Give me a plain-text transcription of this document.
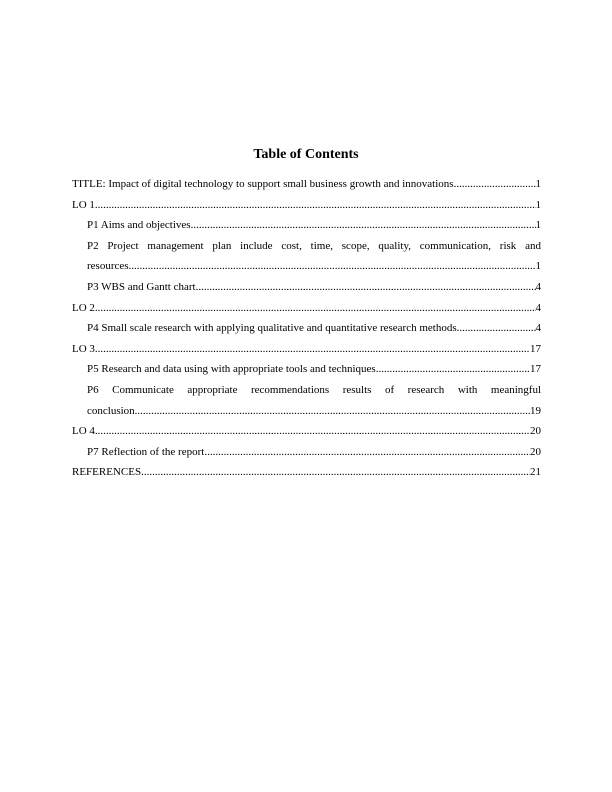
Table of Contents
TITLE: Impact of digital technology to support small business growth and innovations .....	1
LO 1 .....	1
P1 Aims and objectives .....	1
P2 Project management plan include cost, time, scope, quality, communication, risk and
resources .....	1
P3 WBS and Gantt chart .....	4
LO 2 .....	4
P4 Small scale research with applying qualitative and quantitative research methods .....	4
LO 3 .....	17
P5 Research and data using with appropriate tools and techniques .....	17
P6 Communicate appropriate recommendations results of research with meaningful
conclusion .....	19
LO 4 .....	20
P7 Reflection of the report .....	20
REFERENCES .....	21
